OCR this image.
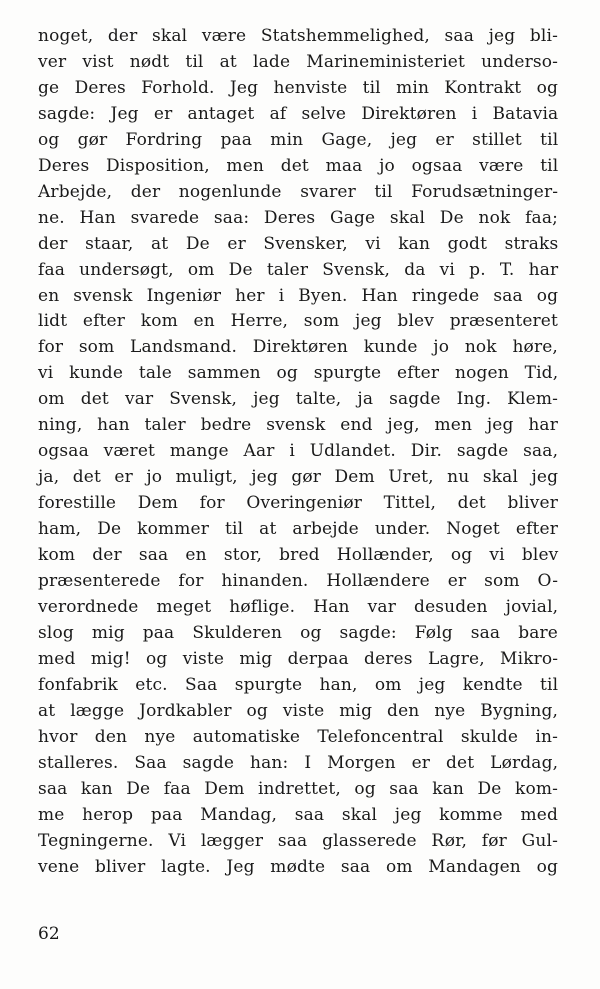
noget, der skal være Statshemmelighed, saa jeg bli-
ver vist nødt til at lade Marineministeriet underso-
ge Deres Forhold. Jeg henviste til min Kontrakt og
sagde: Jeg er antaget af selve Direktøren i Batavia
og gør Fordring paa min Gage, jeg er stillet til
Deres Disposition, men det maa jo ogsaa være til
Arbejde, der nogenlunde svarer til Forudsætninger-
ne. Han svarede saa: Deres Gage skal De nok faa;
der staar, at De er Svensker, vi kan godt straks
faa undersøgt, om De taler Svensk, da vi p. T. har
en svensk Ingeniør her i Byen. Han ringede saa og
lidt efter kom en Herre, som jeg blev præsenteret
for som Landsmand. Direktøren kunde jo nok høre,
vi kunde tale sammen og spurgte efter nogen Tid,
om det var Svensk, jeg talte, ja sagde Ing. Klem-
ning, han taler bedre svensk end jeg, men jeg har
ogsaa været mange Aar i Udlandet. Dir. sagde saa,
ja, det er jo muligt, jeg gør Dem Uret, nu skal jeg
forestille Dem for Overingeniør Tittel, det bliver
ham, De kommer til at arbejde under. Noget efter
kom der saa en stor, bred Hollænder, og vi blev
præsenterede for hinanden. Hollændere er som O-
verordnede meget høflige. Han var desuden jovial,
slog mig paa Skulderen og sagde: Følg saa bare
med mig! og viste mig derpaa deres Lagre, Mikro-
fonfabrik etc. Saa spurgte han, om jeg kendte til
at lægge Jordkabler og viste mig den nye Bygning,
hvor den nye automatiske Telefoncentral skulde in-
stalleres. Saa sagde han: I Morgen er det Lørdag,
saa kan De faa Dem indrettet, og saa kan De kom-
me herop paa Mandag, saa skal jeg komme med
Tegningerne. Vi lægger saa glasserede Rør, før Gul-
vene bliver lagte. Jeg mødte saa om Mandagen og
62
